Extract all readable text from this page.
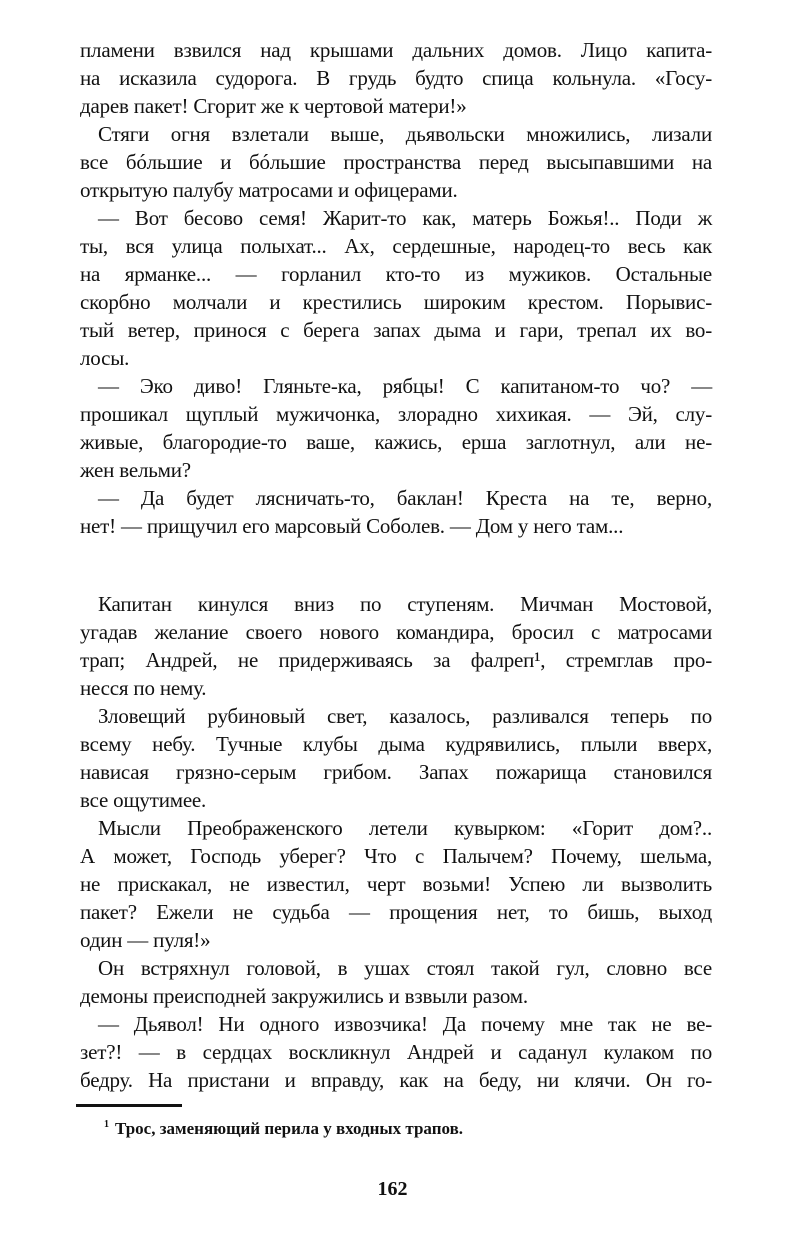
пламени взвился над крышами дальних домов. Лицо капита-
на исказила судорога. В грудь будто спица кольнула. «Госу-
дарев пакет! Сгорит же к чертовой матери!»
Стяги огня взлетали выше, дьявольски множились, лизали
все бóльшие и бóльшие пространства перед высыпавшими на
открытую палубу матросами и офицерами.
— Вот бесово семя! Жарит-то как, матерь Божья!.. Поди ж
ты, вся улица полыхат... Ах, сердешные, народец-то весь как
на ярманке... — горланил кто-то из мужиков. Остальные
скорбно молчали и крестились широким крестом. Порывис-
тый ветер, принося с берега запах дыма и гари, трепал их во-
лосы.
— Эко диво! Гляньте-ка, рябцы! С капитаном-то чо? —
прошикал щуплый мужичонка, злорадно хихикая. — Эй, слу-
живые, благородие-то ваше, кажись, ерша заглотнул, али не-
жен вельми?
— Да будет лясничать-то, баклан! Креста на те, верно,
нет! — прищучил его марсовый Соболев. — Дом у него там...
Капитан кинулся вниз по ступеням. Мичман Мостовой,
угадав желание своего нового командира, бросил с матросами
трап; Андрей, не придерживаясь за фалреп¹, стремглав про-
несся по нему.
Зловещий рубиновый свет, казалось, разливался теперь по
всему небу. Тучные клубы дыма кудрявились, плыли вверх,
нависая грязно-серым грибом. Запах пожарища становился
все ощутимее.
Мысли Преображенского летели кувырком: «Горит дом?..
А может, Господь уберег? Что с Палычем? Почему, шельма,
не прискакал, не известил, черт возьми! Успею ли вызволить
пакет? Ежели не судьба — прощения нет, то бишь, выход
один — пуля!»
Он встряхнул головой, в ушах стоял такой гул, словно все
демоны преисподней закружились и взвыли разом.
— Дьявол! Ни одного извозчика! Да почему мне так не ве-
зет?! — в сердцах воскликнул Андрей и саданул кулаком по
бедру. На пристани и вправду, как на беду, ни клячи. Он го-
$^1$ Трос, заменяющий перила у входных трапов.
162
